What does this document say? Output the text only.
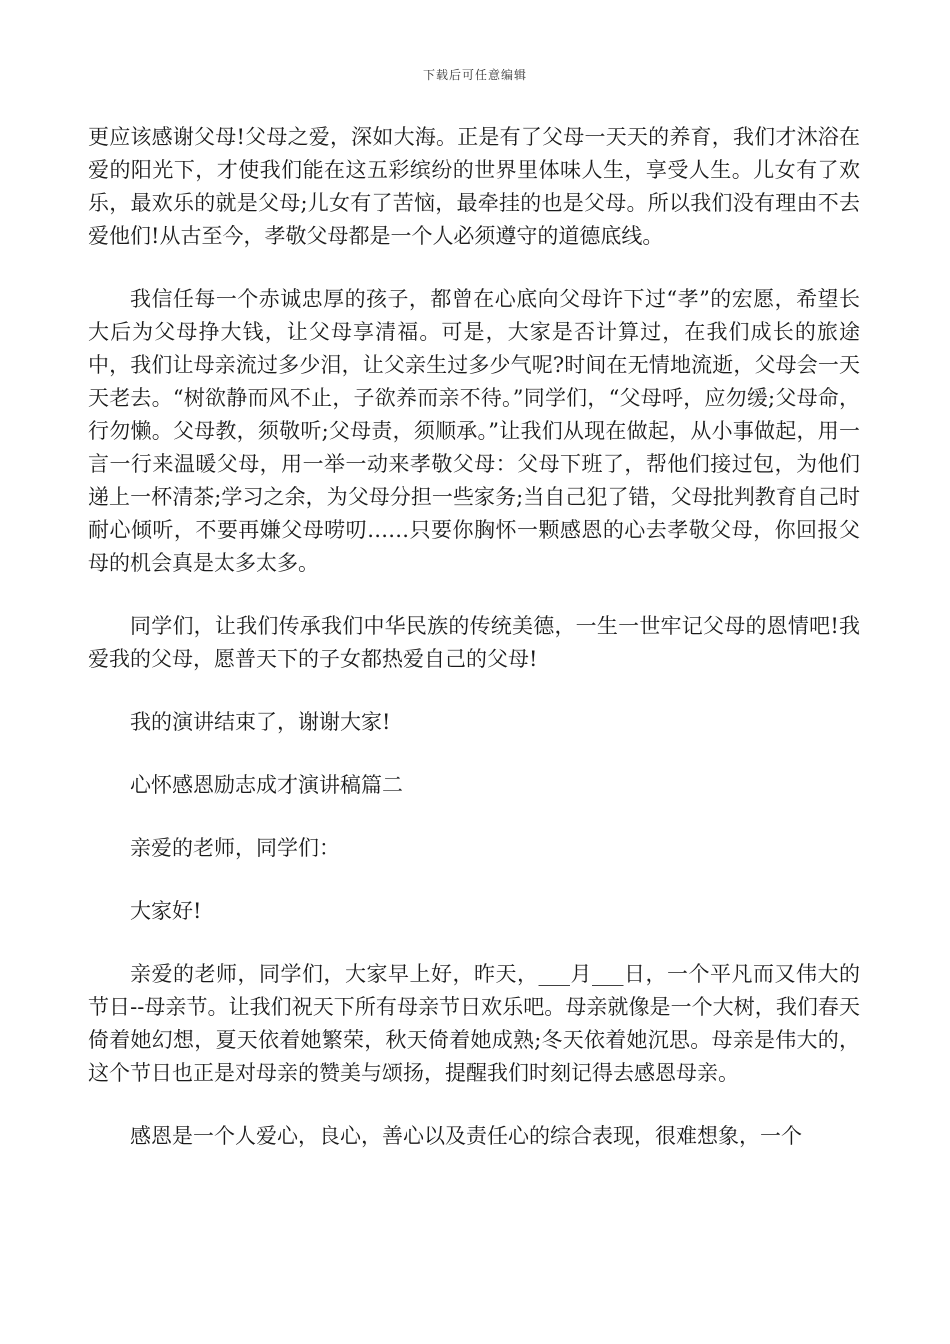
下载后可任意编辑

更应该感谢父母!父母之爱，深如大海。正是有了父母一天天的养育，我们才沐浴在爱的阳光下，才使我们能在这五彩缤纷的世界里体味人生，享受人生。儿女有了欢乐，最欢乐的就是父母;儿女有了苦恼，最牵挂的也是父母。所以我们没有理由不去爱他们!从古至今，孝敬父母都是一个人必须遵守的道德底线。

我信任每一个赤诚忠厚的孩子，都曾在心底向父母许下过“孝”的宏愿，希望长大后为父母挣大钱，让父母享清福。可是，大家是否计算过，在我们成长的旅途中，我们让母亲流过多少泪，让父亲生过多少气呢?时间在无情地流逝，父母会一天天老去。“树欲静而风不止，子欲养而亲不待。”同学们，“父母呼，应勿缓;父母命，行勿懒。父母教，须敬听;父母责，须顺承。”让我们从现在做起，从小事做起，用一言一行来温暖父母，用一举一动来孝敬父母：父母下班了，帮他们接过包，为他们递上一杯清茶;学习之余，为父母分担一些家务;当自己犯了错，父母批判教育自己时耐心倾听，不要再嫌父母唠叨……只要你胸怀一颗感恩的心去孝敬父母，你回报父母的机会真是太多太多。

同学们，让我们传承我们中华民族的传统美德，一生一世牢记父母的恩情吧!我爱我的父母，愿普天下的子女都热爱自己的父母!

我的演讲结束了，谢谢大家!

心怀感恩励志成才演讲稿篇二

亲爱的老师，同学们：

大家好!

亲爱的老师，同学们，大家早上好，昨天，___月___日，一个平凡而又伟大的节日--母亲节。让我们祝天下所有母亲节日欢乐吧。母亲就像是一个大树，我们春天倚着她幻想，夏天依着她繁荣，秋天倚着她成熟;冬天依着她沉思。母亲是伟大的，这个节日也正是对母亲的赞美与颂扬，提醒我们时刻记得去感恩母亲。

感恩是一个人爱心，良心，善心以及责任心的综合表现，很难想象，一个
